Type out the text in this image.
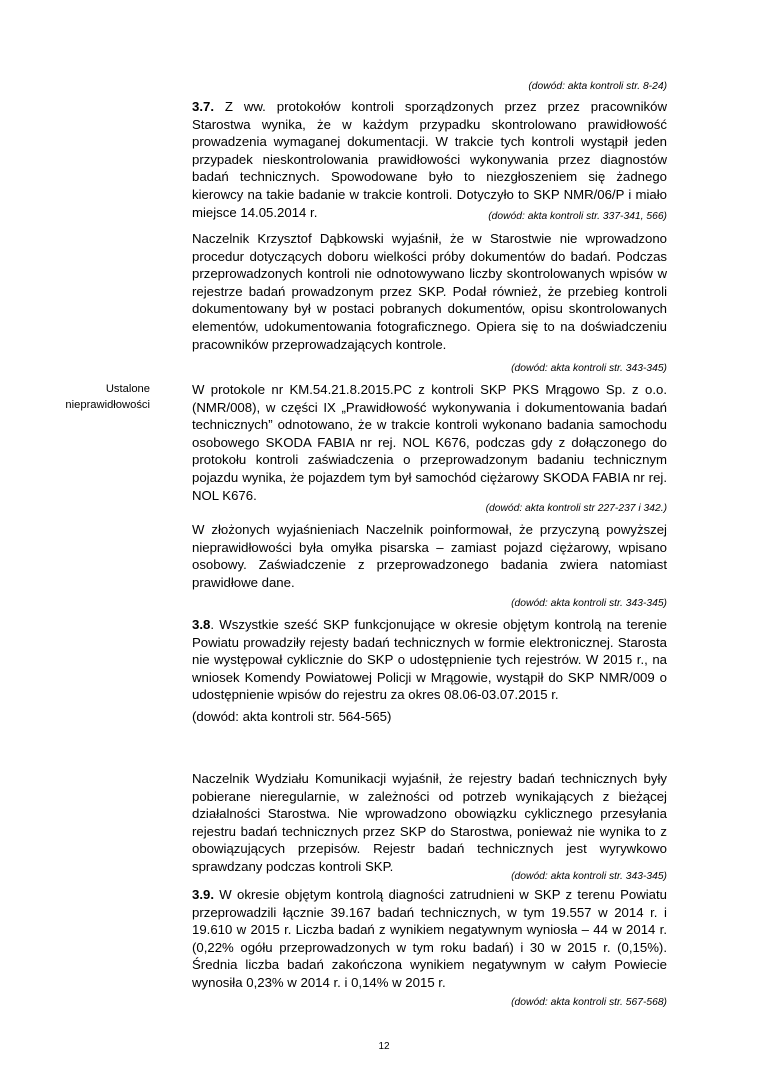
Ustalone
nieprawidłowości

(dowód: akta kontroli str. 8-24)

3.7. Z ww. protokołów kontroli sporządzonych przez przez pracowników Starostwa wynika, że w każdym przypadku skontrolowano prawidłowość prowadzenia wymaganej dokumentacji. W trakcie tych kontroli wystąpił jeden przypadek nieskontrolowania prawidłowości wykonywania przez diagnostów badań technicznych. Spowodowane było to niezgłoszeniem się żadnego kierowcy na takie badanie w trakcie kontroli. Dotyczyło to SKP NMR/06/P i miało miejsce 14.05.2014 r.	(dowód: akta kontroli str. 337-341, 566)

Naczelnik Krzysztof Dąbkowski wyjaśnił, że w Starostwie nie wprowadzono procedur dotyczących doboru wielkości próby dokumentów do badań. Podczas przeprowadzonych kontroli nie odnotowywano liczby skontrolowanych wpisów w rejestrze badań prowadzonym przez SKP. Podał również, że przebieg kontroli dokumentowany był w postaci pobranych dokumentów, opisu skontrolowanych elementów, udokumentowania fotograficznego. Opiera się to na doświadczeniu pracowników przeprowadzających kontrole.

(dowód: akta kontroli str. 343-345)

W protokole nr KM.54.21.8.2015.PC z kontroli SKP PKS Mrągowo Sp. z o.o. (NMR/008), w części IX „Prawidłowość wykonywania i dokumentowania badań technicznych” odnotowano, że w trakcie kontroli wykonano badania samochodu osobowego SKODA FABIA nr rej. NOL K676, podczas gdy z dołączonego do protokołu kontroli zaświadczenia o przeprowadzonym badaniu technicznym pojazdu wynika, że pojazdem tym był samochód ciężarowy SKODA FABIA nr rej. NOL K676.

(dowód: akta kontroli str 227-237 i 342.)

W złożonych wyjaśnieniach Naczelnik poinformował, że przyczyną powyższej nieprawidłowości była omyłka pisarska – zamiast pojazd ciężarowy, wpisano osobowy. Zaświadczenie z przeprowadzonego badania zwiera natomiast prawidłowe dane.

(dowód: akta kontroli str. 343-345)

3.8. Wszystkie sześć SKP funkcjonujące w okresie objętym kontrolą na terenie Powiatu prowadziły rejesty badań technicznych w formie elektronicznej. Starosta nie występował cyklicznie do SKP o udostępnienie tych rejestrów. W 2015 r., na wniosek Komendy Powiatowej Policji w Mrągowie, wystąpił do SKP NMR/009 o udostępnienie wpisów do rejestru za okres 08.06-03.07.2015 r.

(dowód: akta kontroli str. 564-565)

Naczelnik Wydziału Komunikacji wyjaśnił, że rejestry badań technicznych były pobierane nieregularnie, w zależności od potrzeb wynikających z bieżącej działalności Starostwa. Nie wprowadzono obowiązku cyklicznego przesyłania rejestru badań technicznych przez SKP do Starostwa, ponieważ nie wynika to z obowiązujących przepisów. Rejestr badań technicznych jest wyrywkowo sprawdzany podczas kontroli SKP.

(dowód: akta kontroli str. 343-345)

3.9. W okresie objętym kontrolą diagności zatrudnieni w SKP z terenu Powiatu przeprowadzili łącznie 39.167 badań technicznych, w tym 19.557 w 2014 r. i 19.610 w 2015 r. Liczba badań z wynikiem negatywnym wyniosła – 44 w 2014 r. (0,22% ogółu przeprowadzonych w tym roku badań) i 30 w 2015 r. (0,15%). Średnia liczba badań zakończona wynikiem negatywnym w całym Powiecie wynosiła 0,23% w 2014 r. i 0,14% w 2015 r.

(dowód: akta kontroli str. 567-568)

12
